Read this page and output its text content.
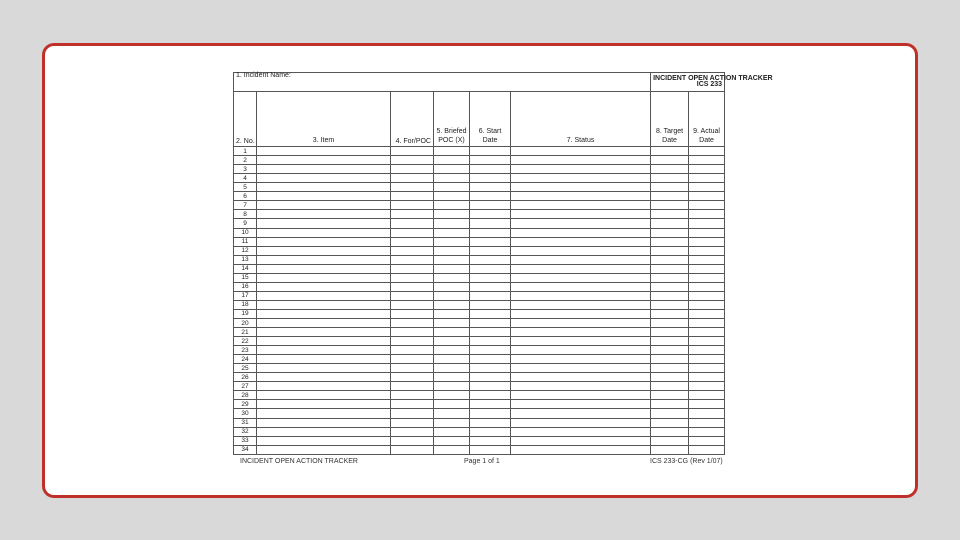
1. Incident Name:						INCIDENT OPEN ACTION TRACKER
ICS 233	

2. No.	3. Item	4. For/POC	5. Briefed POC (X)	6. Start Date	7. Status	8. Target Date	9. Actual Date
1							
2							
3							
4							
5							
6							
7							
8							
9							
10							
11							
12							
13							
14							
15							
16							
17							
18							
19							
20							
21							
22							
23							
24							
25							
26							
27							
28							
29							
30							
31							
32							
33							
34							
INCIDENT OPEN ACTION TRACKER	Page 1 of 1	ICS 233-CG (Rev 1/07)
